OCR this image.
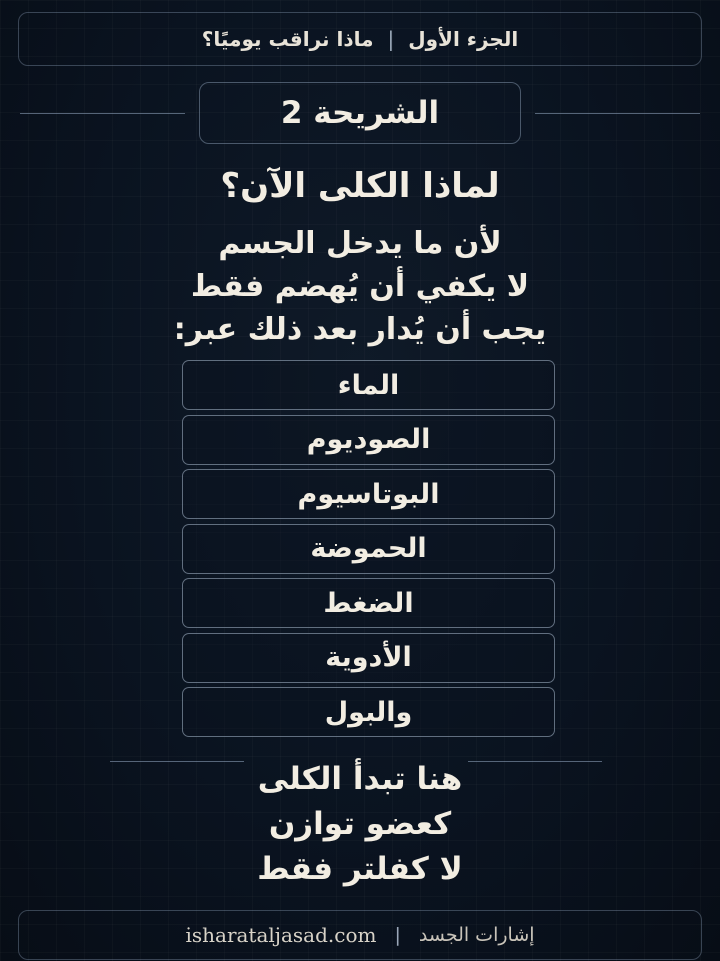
الجزء الأول
|
ماذا نراقب يوميًا؟
الشريحة 2
لماذا الكلى الآن؟
لأن ما يدخل الجسم
لا يكفي أن يُهضم فقط
يجب أن يُدار بعد ذلك عبر:
الماء
الصوديوم
البوتاسيوم
الحموضة
الضغط
الأدوية
والبول
هنا تبدأ الكلى
كعضو توازن
لا كفلتر فقط
إشارات الجسد
|
isharataljasad.com
